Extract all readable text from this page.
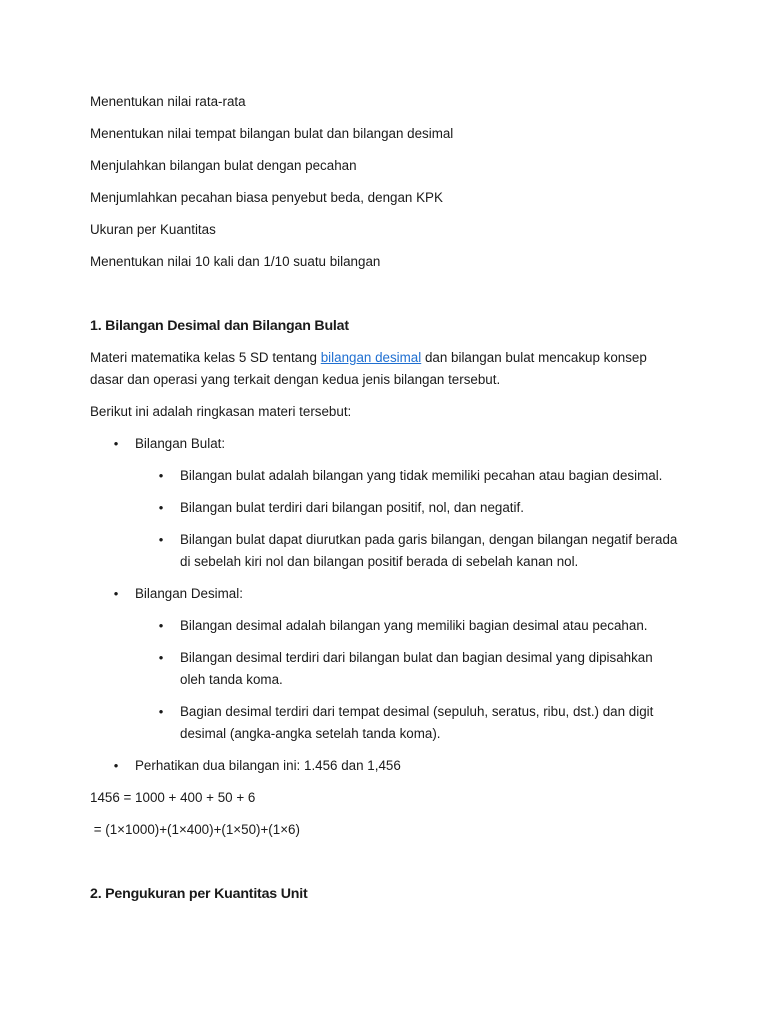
Menentukan nilai rata-rata

Menentukan nilai tempat bilangan bulat dan bilangan desimal

Menjulahkan bilangan bulat dengan pecahan

Menjumlahkan pecahan biasa penyebut beda, dengan KPK

Ukuran per Kuantitas

Menentukan nilai 10 kali dan 1/10 suatu bilangan

1. Bilangan Desimal dan Bilangan Bulat

Materi matematika kelas 5 SD tentang bilangan desimal dan bilangan bulat mencakup konsep dasar dan operasi yang terkait dengan kedua jenis bilangan tersebut.

Berikut ini adalah ringkasan materi tersebut:

• Bilangan Bulat:
• Bilangan bulat adalah bilangan yang tidak memiliki pecahan atau bagian desimal.
• Bilangan bulat terdiri dari bilangan positif, nol, dan negatif.
• Bilangan bulat dapat diurutkan pada garis bilangan, dengan bilangan negatif berada di sebelah kiri nol dan bilangan positif berada di sebelah kanan nol.
• Bilangan Desimal:
• Bilangan desimal adalah bilangan yang memiliki bagian desimal atau pecahan.
• Bilangan desimal terdiri dari bilangan bulat dan bagian desimal yang dipisahkan oleh tanda koma.
• Bagian desimal terdiri dari tempat desimal (sepuluh, seratus, ribu, dst.) dan digit desimal (angka-angka setelah tanda koma).
• Perhatikan dua bilangan ini: 1.456 dan 1,456

1456 = 1000 + 400 + 50 + 6

= (1×1000)+(1×400)+(1×50)+(1×6)

2. Pengukuran per Kuantitas Unit
